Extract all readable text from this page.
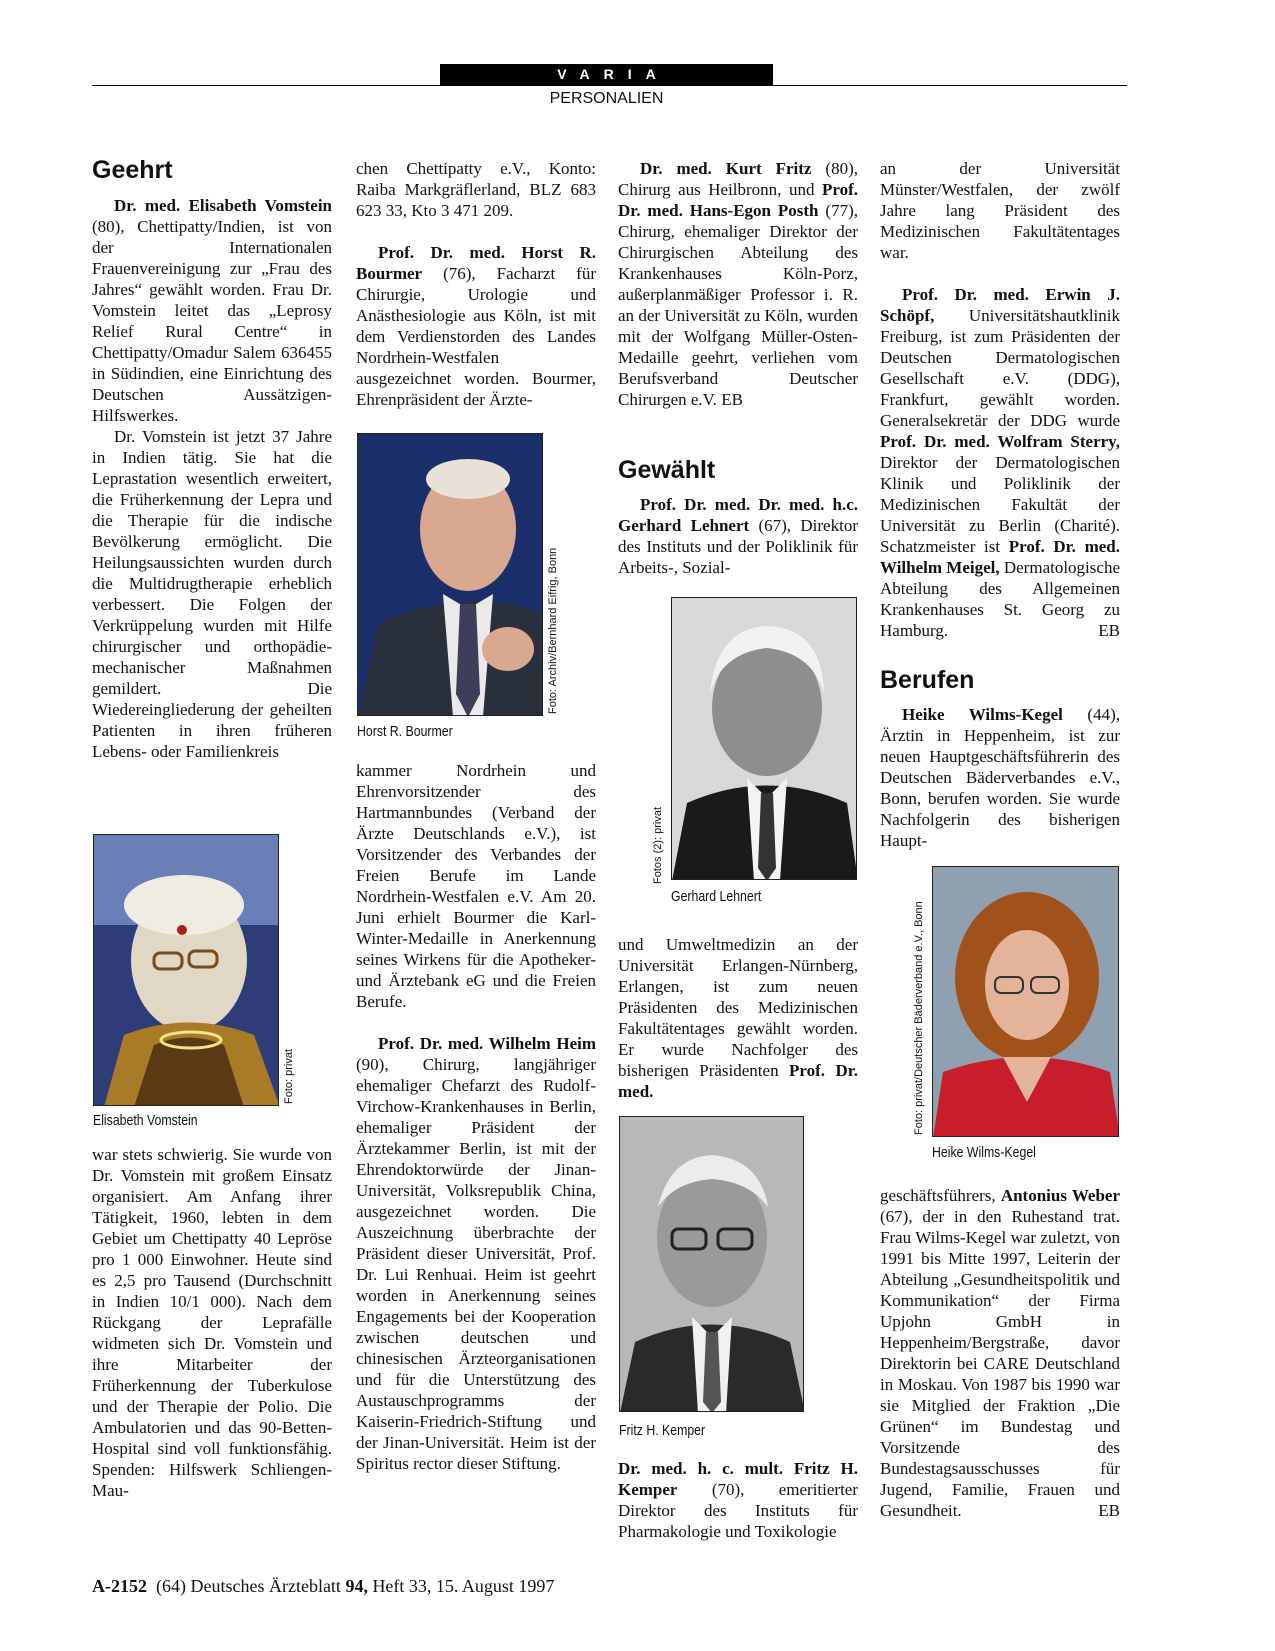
VARIA
PERSONALIEN
Geehrt

Dr. med. Elisabeth Vomstein (80), Chettipatty/Indien, ist von der Internationalen Frauenvereinigung zur „Frau des Jahres“ gewählt worden. Frau Dr. Vomstein leitet das „Leprosy Relief Rural Centre“ in Chettipatty/Omadur Salem 636455 in Südindien, eine Einrichtung des Deutschen Aussätzigen-Hilfswerkes.

Dr. Vomstein ist jetzt 37 Jahre in Indien tätig. Sie hat die Leprastation wesentlich erweitert, die Früherkennung der Lepra und die Therapie für die indische Bevölkerung ermöglicht. Die Heilungsaussichten wurden durch die Multidrugtherapie erheblich verbessert. Die Folgen der Verkrüppelung wurden mit Hilfe chirurgischer und orthopädie-mechanischer Maßnahmen gemildert. Die Wiedereingliederung der geheilten Patienten in ihren früheren Lebens- oder Familienkreis

Foto: privat
Elisabeth Vomstein

war stets schwierig. Sie wurde von Dr. Vomstein mit großem Einsatz organisiert. Am Anfang ihrer Tätigkeit, 1960, lebten in dem Gebiet um Chettipatty 40 Lepröse pro 1 000 Einwohner. Heute sind es 2,5 pro Tausend (Durchschnitt in Indien 10/1 000). Nach dem Rückgang der Leprafälle widmeten sich Dr. Vomstein und ihre Mitarbeiter der Früherkennung der Tuberkulose und der Therapie der Polio. Die Ambulatorien und das 90-Betten-Hospital sind voll funktionsfähig. Spenden: Hilfswerk Schliengen-Mau-

chen Chettipatty e.V., Konto: Raiba Markgräflerland, BLZ 683 623 33, Kto 3 471 209.

Prof. Dr. med. Horst R. Bourmer (76), Facharzt für Chirurgie, Urologie und Anästhesiologie aus Köln, ist mit dem Verdienstorden des Landes Nordrhein-Westfalen ausgezeichnet worden. Bourmer, Ehrenpräsident der Ärzte-

Foto: Archiv/Bernhard Eifrig, Bonn
Horst R. Bourmer

kammer Nordrhein und Ehrenvorsitzender des Hartmannbundes (Verband der Ärzte Deutschlands e.V.), ist Vorsitzender des Verbandes der Freien Berufe im Lande Nordrhein-Westfalen e.V. Am 20. Juni erhielt Bourmer die Karl-Winter-Medaille in Anerkennung seines Wirkens für die Apotheker- und Ärztebank eG und die Freien Berufe.

Prof. Dr. med. Wilhelm Heim (90), Chirurg, langjähriger ehemaliger Chefarzt des Rudolf-Virchow-Krankenhauses in Berlin, ehemaliger Präsident der Ärztekammer Berlin, ist mit der Ehrendoktorwürde der Jinan-Universität, Volksrepublik China, ausgezeichnet worden. Die Auszeichnung überbrachte der Präsident dieser Universität, Prof. Dr. Lui Renhuai. Heim ist geehrt worden in Anerkennung seines Engagements bei der Kooperation zwischen deutschen und chinesischen Ärzteorganisationen und für die Unterstützung des Austauschprogramms der Kaiserin-Friedrich-Stiftung und der Jinan-Universität. Heim ist der Spiritus rector dieser Stiftung.

Dr. med. Kurt Fritz (80), Chirurg aus Heilbronn, und Prof. Dr. med. Hans-Egon Posth (77), Chirurg, ehemaliger Direktor der Chirurgischen Abteilung des Krankenhauses Köln-Porz, außerplanmäßiger Professor i. R. an der Universität zu Köln, wurden mit der Wolfgang Müller-Osten-Medaille geehrt, verliehen vom Berufsverband Deutscher Chirurgen e.V. EB

Gewählt

Prof. Dr. med. Dr. med. h.c. Gerhard Lehnert (67), Direktor des Instituts und der Poliklinik für Arbeits-, Sozial-

Fotos (2): privat
Gerhard Lehnert

und Umweltmedizin an der Universität Erlangen-Nürnberg, Erlangen, ist zum neuen Präsidenten des Medizinischen Fakultätentages gewählt worden. Er wurde Nachfolger des bisherigen Präsidenten Prof. Dr. med.

Fritz H. Kemper

Dr. med. h. c. mult. Fritz H. Kemper (70), emeritierter Direktor des Instituts für Pharmakologie und Toxikologie

an der Universität Münster/Westfalen, der zwölf Jahre lang Präsident des Medizinischen Fakultätentages war.

Prof. Dr. med. Erwin J. Schöpf, Universitätshautklinik Freiburg, ist zum Präsidenten der Deutschen Dermatologischen Gesellschaft e.V. (DDG), Frankfurt, gewählt worden. Generalsekretär der DDG wurde Prof. Dr. med. Wolfram Sterry, Direktor der Dermatologischen Klinik und Poliklinik der Medizinischen Fakultät der Universität zu Berlin (Charité). Schatzmeister ist Prof. Dr. med. Wilhelm Meigel, Dermatologische Abteilung des Allgemeinen Krankenhauses St. Georg zu Hamburg.	EB

Berufen

Heike Wilms-Kegel (44), Ärztin in Heppenheim, ist zur neuen Hauptgeschäftsführerin des Deutschen Bäderverbandes e.V., Bonn, berufen worden. Sie wurde Nachfolgerin des bisherigen Haupt-

Foto: privat/Deutscher Bäderverband e.V., Bonn
Heike Wilms-Kegel

geschäftsführers, Antonius Weber (67), der in den Ruhestand trat. Frau Wilms-Kegel war zuletzt, von 1991 bis Mitte 1997, Leiterin der Abteilung „Gesundheitspolitik und Kommunikation“ der Firma Upjohn GmbH in Heppenheim/Bergstraße, davor Direktorin bei CARE Deutschland in Moskau. Von 1987 bis 1990 war sie Mitglied der Fraktion „Die Grünen“ im Bundestag und Vorsitzende des Bundestagsausschusses für Jugend, Familie, Frauen und Gesundheit.	EB

A-2152 (64) Deutsches Ärzteblatt 94, Heft 33, 15. August 1997
